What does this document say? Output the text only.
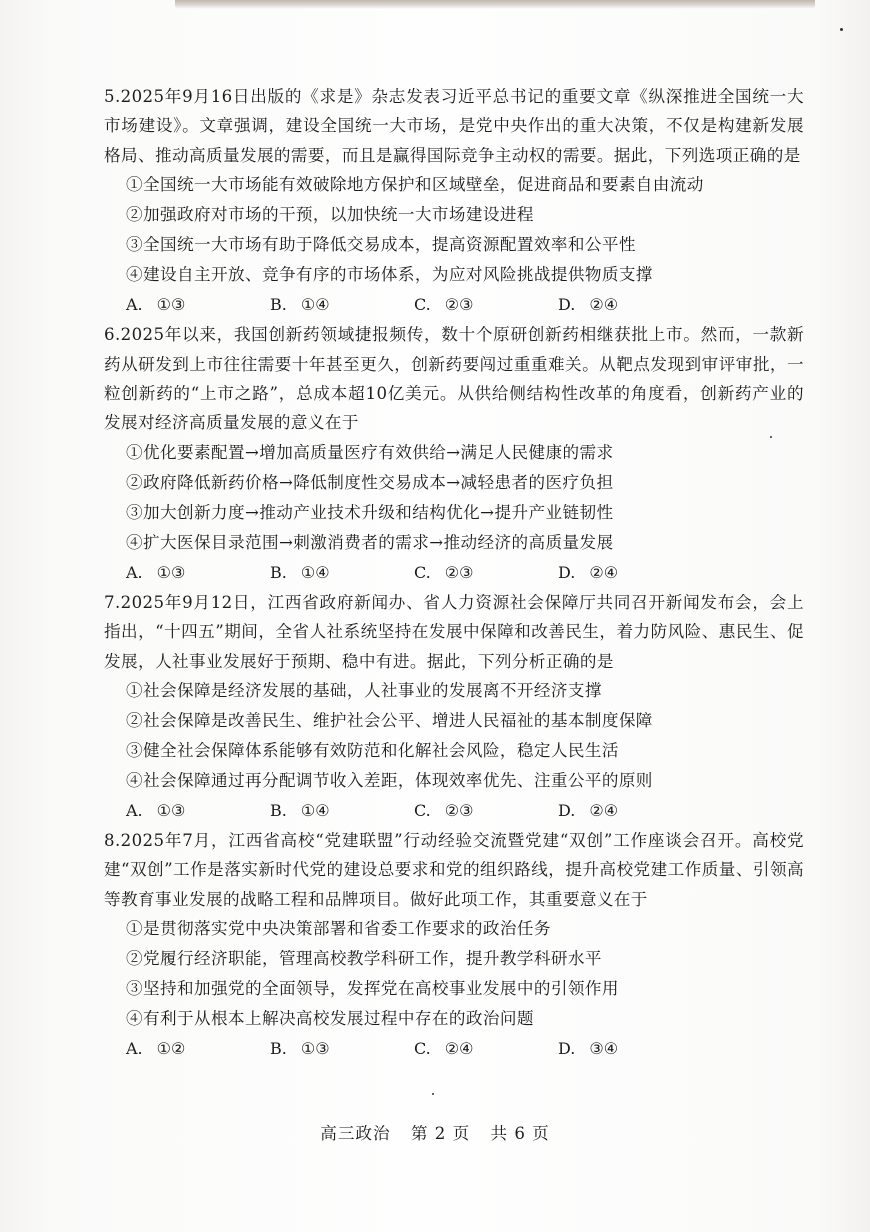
5.2025年9月16日出版的《求是》杂志发表习近平总书记的重要文章《纵深推进全国统一大市场建设》。文章强调，建设全国统一大市场，是党中央作出的重大决策，不仅是构建新发展格局、推动高质量发展的需要，而且是赢得国际竞争主动权的需要。据此，下列选项正确的是

①全国统一大市场能有效破除地方保护和区域壁垒，促进商品和要素自由流动

②加强政府对市场的干预，以加快统一大市场建设进程

③全国统一大市场有助于降低交易成本，提高资源配置效率和公平性

④建设自主开放、竞争有序的市场体系，为应对风险挑战提供物质支撑

A. ①③	B. ①④	C. ②③	D. ②④

6.2025年以来，我国创新药领域捷报频传，数十个原研创新药相继获批上市。然而，一款新药从研发到上市往往需要十年甚至更久，创新药要闯过重重难关。从靶点发现到审评审批，一粒创新药的“上市之路”，总成本超10亿美元。从供给侧结构性改革的角度看，创新药产业的发展对经济高质量发展的意义在于

①优化要素配置→增加高质量医疗有效供给→满足人民健康的需求

②政府降低新药价格→降低制度性交易成本→减轻患者的医疗负担

③加大创新力度→推动产业技术升级和结构优化→提升产业链韧性

④扩大医保目录范围→刺激消费者的需求→推动经济的高质量发展

A. ①③	B. ①④	C. ②③	D. ②④

7.2025年9月12日，江西省政府新闻办、省人力资源社会保障厅共同召开新闻发布会，会上指出，“十四五”期间，全省人社系统坚持在发展中保障和改善民生，着力防风险、惠民生、促发展，人社事业发展好于预期、稳中有进。据此，下列分析正确的是

①社会保障是经济发展的基础，人社事业的发展离不开经济支撑

②社会保障是改善民生、维护社会公平、增进人民福祉的基本制度保障

③健全社会保障体系能够有效防范和化解社会风险，稳定人民生活

④社会保障通过再分配调节收入差距，体现效率优先、注重公平的原则

A. ①③	B. ①④	C. ②③	D. ②④

8.2025年7月，江西省高校“党建联盟”行动经验交流暨党建“双创”工作座谈会召开。高校党建“双创”工作是落实新时代党的建设总要求和党的组织路线，提升高校党建工作质量、引领高等教育事业发展的战略工程和品牌项目。做好此项工作，其重要意义在于

①是贯彻落实党中央决策部署和省委工作要求的政治任务

②党履行经济职能，管理高校教学科研工作，提升教学科研水平

③坚持和加强党的全面领导，发挥党在高校事业发展中的引领作用

④有利于从根本上解决高校发展过程中存在的政治问题

A. ①②	B. ①③	C. ②④	D. ③④
高三政治 第 2 页 共 6 页
